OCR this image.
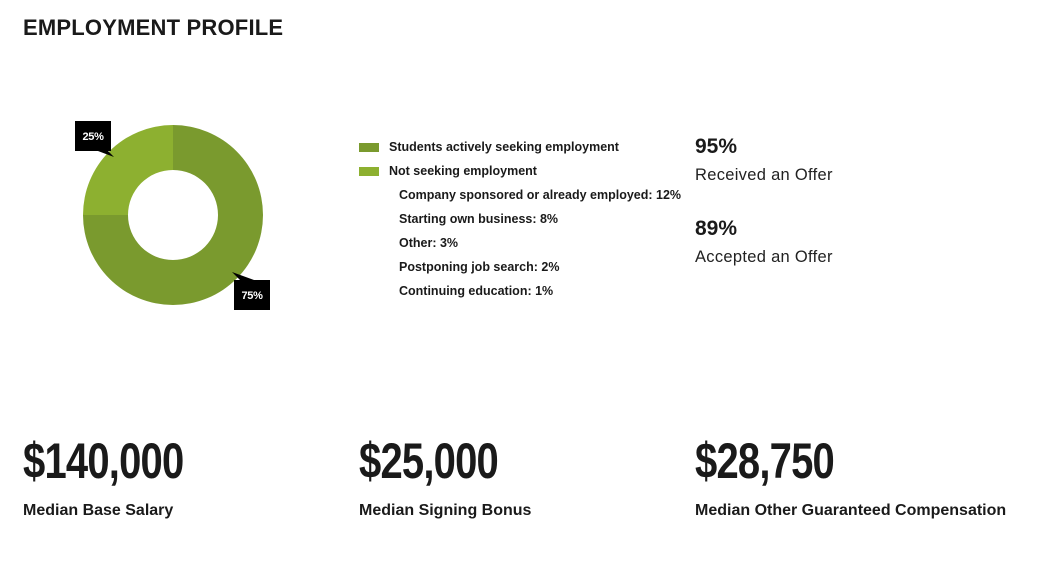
EMPLOYMENT PROFILE
75%
25%
Students actively seeking employment
Not seeking employment
Company sponsored or already employed: 12%
Starting own business: 8%
Other: 3%
Postponing job search: 2%
Continuing education: 1%
95%
Received an Offer
89%
Accepted an Offer
$140,000
Median Base Salary
$25,000
Median Signing Bonus
$28,750
Median Other Guaranteed Compensation
